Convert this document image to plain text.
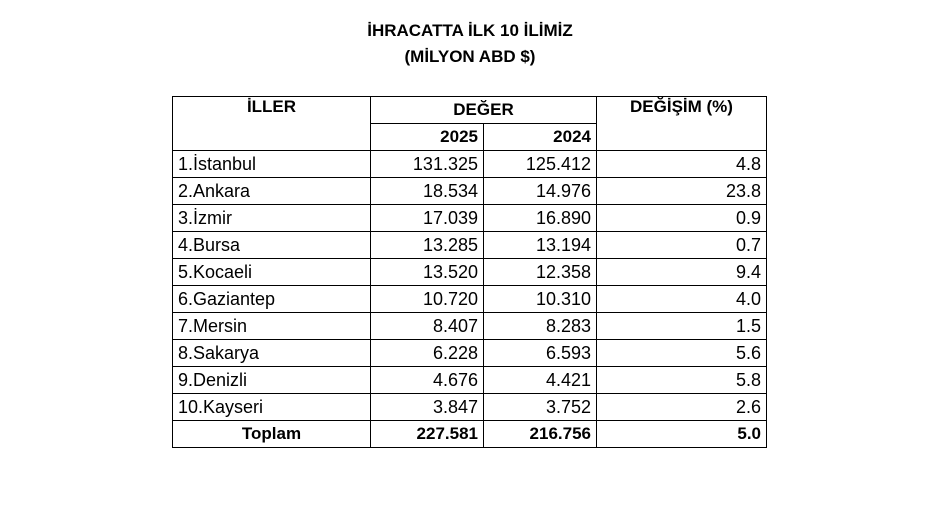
İHRACATTA İLK 10 İLİMİZ
(MİLYON ABD $)
İLLER	DEĞER		DEĞİŞİM (%)
	2025	2024	
1.İstanbul	131.325	125.412	4.8
2.Ankara	18.534	14.976	23.8
3.İzmir	17.039	16.890	0.9
4.Bursa	13.285	13.194	0.7
5.Kocaeli	13.520	12.358	9.4
6.Gaziantep	10.720	10.310	4.0
7.Mersin	8.407	8.283	1.5
8.Sakarya	6.228	6.593	5.6
9.Denizli	4.676	4.421	5.8
10.Kayseri	3.847	3.752	2.6
Toplam	227.581	216.756	5.0
